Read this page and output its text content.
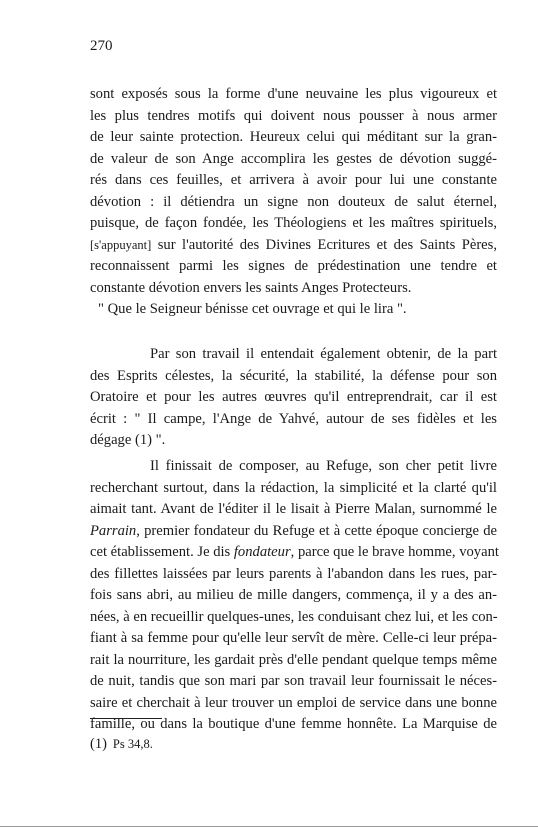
270
sont exposés sous la forme d'une neuvaine les plus vigoureux et
les plus tendres motifs qui doivent nous pousser à nous armer
de leur sainte protection. Heureux celui qui méditant sur la gran-
de valeur de son Ange accomplira les gestes de dévotion suggé-
rés dans ces feuilles, et arrivera à avoir pour lui une constante
dévotion : il détiendra un signe non douteux de salut éternel,
puisque, de façon fondée, les Théologiens et les maîtres spirituels,
[s'appuyant] sur l'autorité des Divines Ecritures et des Saints Pères,
reconnaissent parmi les signes de prédestination une tendre et
constante dévotion envers les saints Anges Protecteurs.
" Que le Seigneur bénisse cet ouvrage et qui le lira ".
Par son travail il entendait également obtenir, de la part
des Esprits célestes, la sécurité, la stabilité, la défense pour son
Oratoire et pour les autres œuvres qu'il entreprendrait, car il est
écrit : " Il campe, l'Ange de Yahvé, autour de ses fidèles et les
dégage (1) ".
Il finissait de composer, au Refuge, son cher petit livre
recherchant surtout, dans la rédaction, la simplicité et la clarté qu'il
aimait tant. Avant de l'éditer il le lisait à Pierre Malan, surnommé le
Parrain, premier fondateur du Refuge et à cette époque concierge de
cet établissement. Je dis fondateur, parce que le brave homme, voyant
des fillettes laissées par leurs parents à l'abandon dans les rues, par-
fois sans abri, au milieu de mille dangers, commença, il y a des an-
nées, à en recueillir quelques-unes, les conduisant chez lui, et les con-
fiant à sa femme pour qu'elle leur servît de mère. Celle-ci leur prépa-
rait la nourriture, les gardait près d'elle pendant quelque temps même
de nuit, tandis que son mari par son travail leur fournissait le néces-
saire et cherchait à leur trouver un emploi de service dans une bonne
famille, ou dans la boutique d'une femme honnête. La Marquise de
(1) Ps 34,8.
